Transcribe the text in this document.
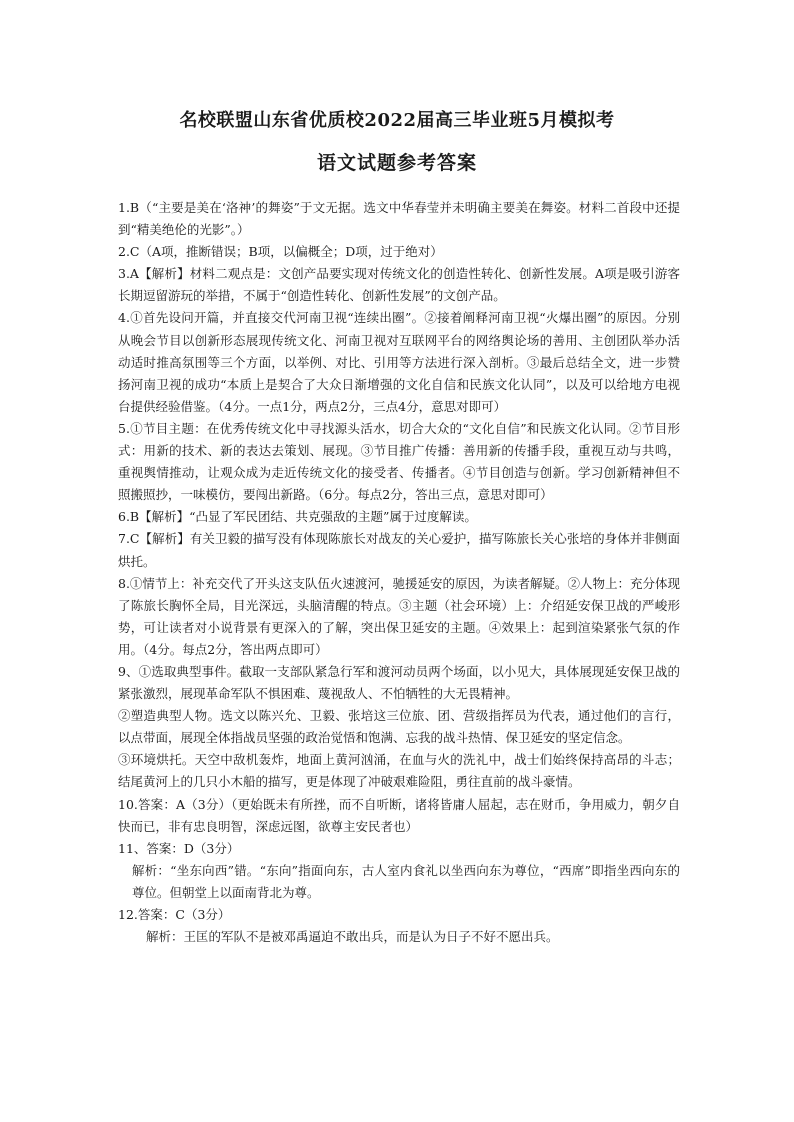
名校联盟山东省优质校2022届高三毕业班5月模拟考
语文试题参考答案

1.B（“主要是美在‘洛神’的舞姿”于文无据。选文中华春莹并未明确主要美在舞姿。材料二首段中还提到“精美绝伦的光影”。）

2.C（A项，推断错误；B项，以偏概全；D项，过于绝对）

3.A【解析】材料二观点是：文创产品要实现对传统文化的创造性转化、创新性发展。A项是吸引游客长期逗留游玩的举措，不属于“创造性转化、创新性发展”的文创产品。

4.①首先设问开篇，并直接交代河南卫视“连续出圈”。②接着阐释河南卫视“火爆出圈”的原因。分别从晚会节目以创新形态展现传统文化、河南卫视对互联网平台的网络舆论场的善用、主创团队举办活动适时推高氛围等三个方面，以举例、对比、引用等方法进行深入剖析。③最后总结全文，进一步赞扬河南卫视的成功“本质上是契合了大众日渐增强的文化自信和民族文化认同”，以及可以给地方电视台提供经验借鉴。（4分。一点1分，两点2分，三点4分，意思对即可）

5.①节目主题：在优秀传统文化中寻找源头活水，切合大众的“文化自信”和民族文化认同。②节目形式：用新的技术、新的表达去策划、展现。③节目推广传播：善用新的传播手段，重视互动与共鸣，重视舆情推动，让观众成为走近传统文化的接受者、传播者。④节目创造与创新。学习创新精神但不照搬照抄，一味模仿，要闯出新路。（6分。每点2分，答出三点，意思对即可）

6.B【解析】“凸显了军民团结、共克强敌的主题”属于过度解读。

7.C【解析】有关卫毅的描写没有体现陈旅长对战友的关心爱护，描写陈旅长关心张培的身体并非侧面烘托。

8.①情节上：补充交代了开头这支队伍火速渡河，驰援延安的原因，为读者解疑。②人物上：充分体现了陈旅长胸怀全局，目光深远，头脑清醒的特点。③主题（社会环境）上：介绍延安保卫战的严峻形势，可让读者对小说背景有更深入的了解，突出保卫延安的主题。④效果上：起到渲染紧张气氛的作用。（4分。每点2分，答出两点即可）

9、①选取典型事件。截取一支部队紧急行军和渡河动员两个场面，以小见大，具体展现延安保卫战的紧张激烈，展现革命军队不惧困难、蔑视敌人、不怕牺牲的大无畏精神。

②塑造典型人物。选文以陈兴允、卫毅、张培这三位旅、团、营级指挥员为代表，通过他们的言行，以点带面，展现全体指战员坚强的政治觉悟和饱满、忘我的战斗热情、保卫延安的坚定信念。

③环境烘托。天空中敌机轰炸，地面上黄河汹涌，在血与火的洗礼中，战士们始终保持高昂的斗志；结尾黄河上的几只小木船的描写，更是体现了冲破艰难险阻，勇往直前的战斗豪情。

10.答案：A（3分）（更始既未有所挫，而不自听断，诸将皆庸人屈起，志在财币，争用威力，朝夕自快而已，非有忠良明智，深虑远图，欲尊主安民者也）

11、答案：D（3分）

解析：“坐东向西”错。“东向”指面向东，古人室内食礼以坐西向东为尊位，“西席”即指坐西向东的尊位。但朝堂上以面南背北为尊。

12.答案：C（3分）

解析：王匡的军队不是被邓禹逼迫不敢出兵，而是认为日子不好不愿出兵。
